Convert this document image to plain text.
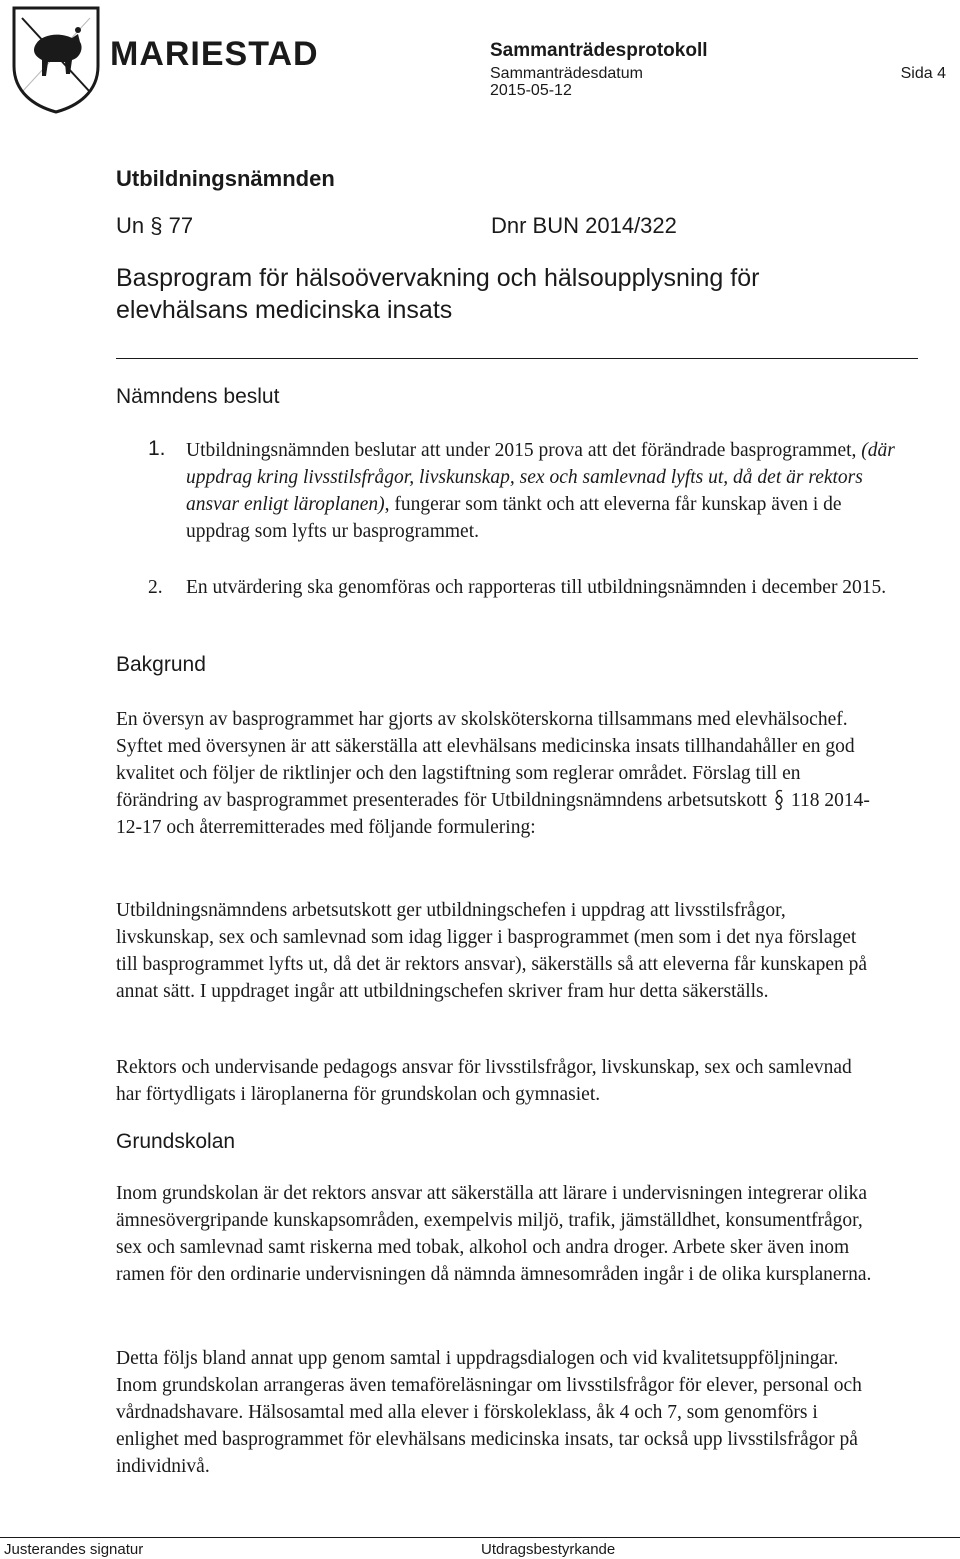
MARIESTAD	Sammanträdesprotokoll
Sammanträdesdatum
2015-05-12
Sida 4
Utbildningsnämnden
Un § 77	Dnr BUN 2014/322
Basprogram för hälsoövervakning och hälsoupplysning för elevhälsans medicinska insats
Nämndens beslut
1. Utbildningsnämnden beslutar att under 2015 prova att det förändrade basprogrammet, (där uppdrag kring livsstilsfrågor, livskunskap, sex och samlevnad lyfts ut, då det är rektors ansvar enligt läroplanen), fungerar som tänkt och att eleverna får kunskap även i de uppdrag som lyfts ur basprogrammet.
2. En utvärdering ska genomföras och rapporteras till utbildningsnämnden i december 2015.
Bakgrund

En översyn av basprogrammet har gjorts av skolsköterskorna tillsammans med elevhälsochef. Syftet med översynen är att säkerställa att elevhälsans medicinska insats tillhandahåller en god kvalitet och följer de riktlinjer och den lagstiftning som reglerar området. Förslag till en förändring av basprogrammet presenterades för Utbildningsnämndens arbetsutskott 118 2014-12-17 och återremitterades med följande formulering:

Utbildningsnämndens arbetsutskott ger utbildningschefen i uppdrag att livsstilsfrågor, livskunskap, sex och samlevnad som idag ligger i basprogrammet (men som i det nya förslaget till basprogrammet lyfts ut, då det är rektors ansvar), säkerställs så att eleverna får kunskapen på annat sätt. I uppdraget ingår att utbildningschefen skriver fram hur detta säkerställs.

Rektors och undervisande pedagogs ansvar för livsstilsfrågor, livskunskap, sex och samlevnad har förtydligats i läroplanerna för grundskolan och gymnasiet.

Grundskolan

Inom grundskolan är det rektors ansvar att säkerställa att lärare i undervisningen integrerar olika ämnesövergripande kunskapsområden, exempelvis miljö, trafik, jämställdhet, konsumentfrågor, sex och samlevnad samt riskerna med tobak, alkohol och andra droger. Arbete sker även inom ramen för den ordinarie undervisningen då nämnda ämnesområden ingår i de olika kursplanerna.

Detta följs bland annat upp genom samtal i uppdragsdialogen och vid kvalitetsuppföljningar. Inom grundskolan arrangeras även temaföreläsningar om livsstilsfrågor för elever, personal och vårdnadshavare. Hälsosamtal med alla elever i förskoleklass, åk 4 och 7, som genomförs i enlighet med basprogrammet för elevhälsans medicinska insats, tar också upp livsstilsfrågor på individnivå.

Justerandes signatur	Utdragsbestyrkande
